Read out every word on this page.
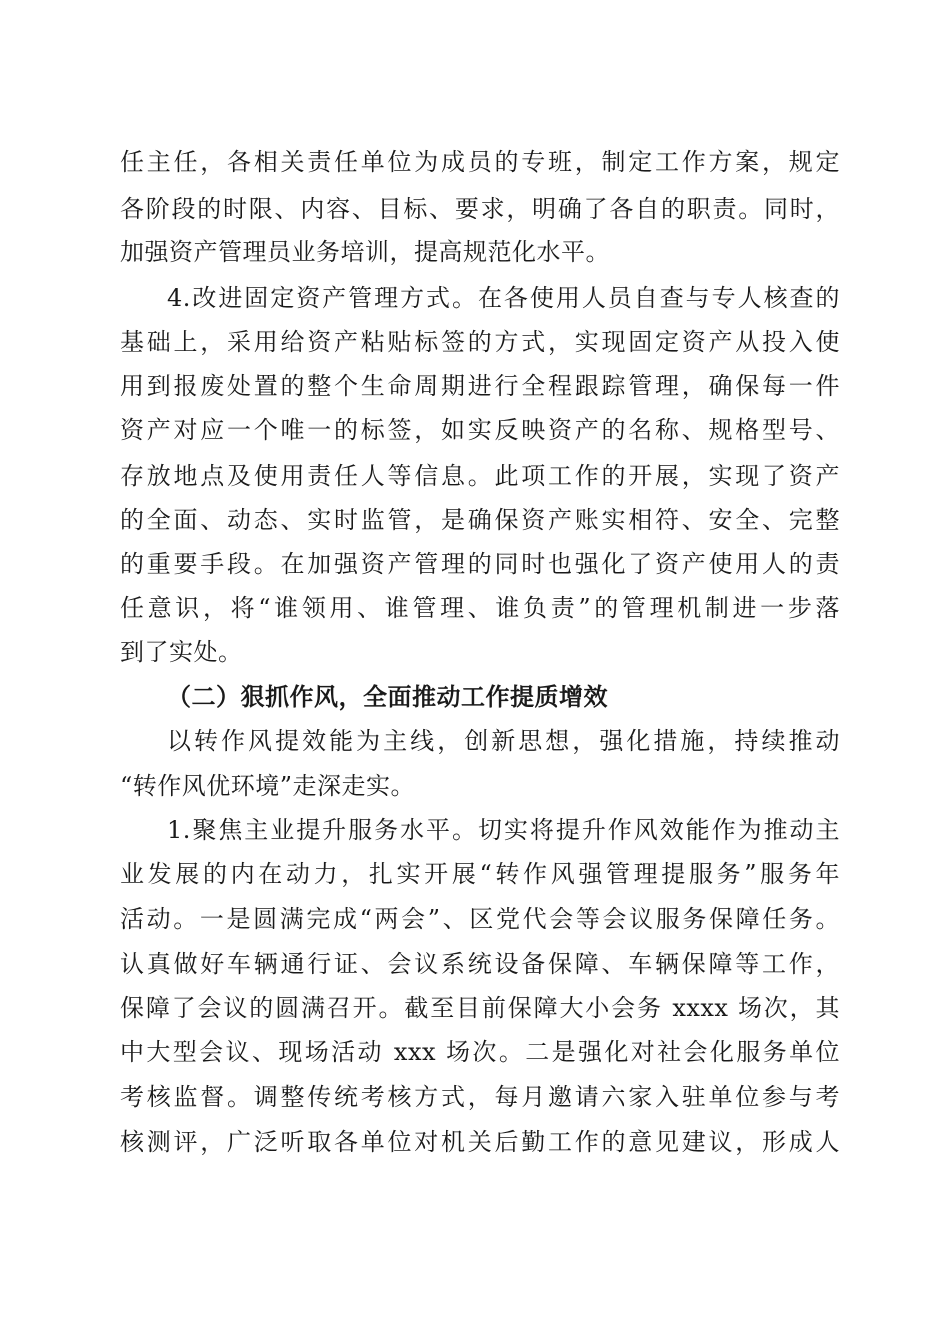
任主任，各相关责任单位为成员的专班，制定工作方案，规定
各阶段的时限、内容、目标、要求，明确了各自的职责。同时，
加强资产管理员业务培训，提高规范化水平。
4.改进固定资产管理方式。在各使用人员自查与专人核查的
基础上，采用给资产粘贴标签的方式，实现固定资产从投入使
用到报废处置的整个生命周期进行全程跟踪管理，确保每一件
资产对应一个唯一的标签，如实反映资产的名称、规格型号、
存放地点及使用责任人等信息。此项工作的开展，实现了资产
的全面、动态、实时监管，是确保资产账实相符、安全、完整
的重要手段。在加强资产管理的同时也强化了资产使用人的责
任意识，将“谁领用、谁管理、谁负责”的管理机制进一步落
到了实处。
（二）狠抓作风，全面推动工作提质增效
以转作风提效能为主线，创新思想，强化措施，持续推动
“转作风优环境”走深走实。
1.聚焦主业提升服务水平。切实将提升作风效能作为推动主
业发展的内在动力，扎实开展“转作风强管理提服务”服务年
活动。一是圆满完成“两会”、区党代会等会议服务保障任务。
认真做好车辆通行证、会议系统设备保障、车辆保障等工作，
保障了会议的圆满召开。截至目前保障大小会务 xxxx 场次，其
中大型会议、现场活动 xxx 场次。二是强化对社会化服务单位
考核监督。调整传统考核方式，每月邀请六家入驻单位参与考
核测评，广泛听取各单位对机关后勤工作的意见建议，形成人
